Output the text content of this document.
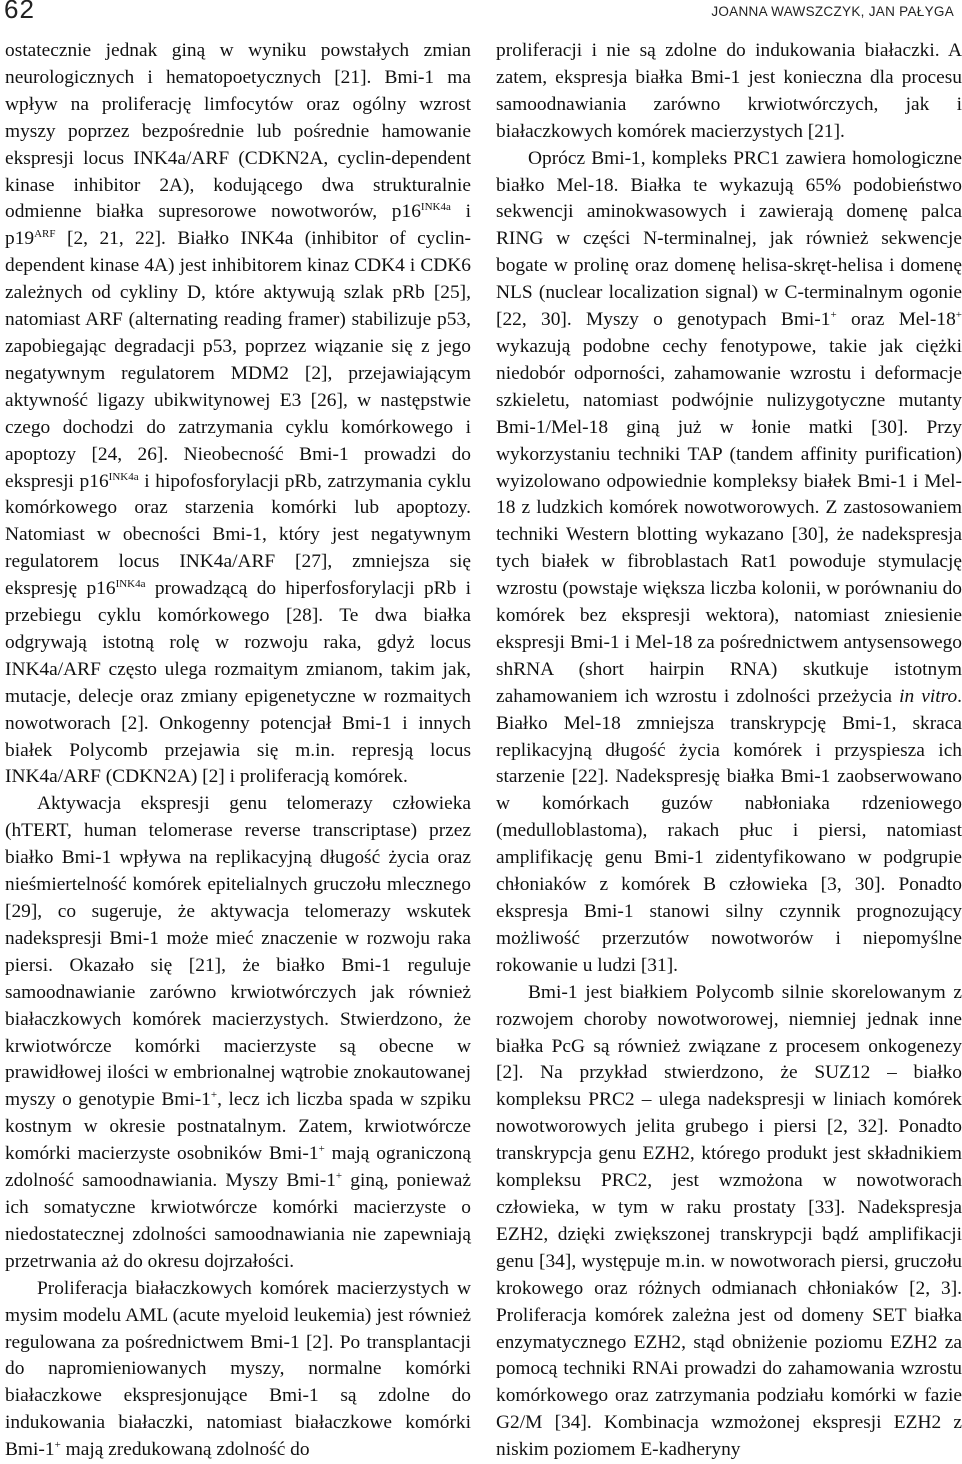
62	JOANNA WAWSZCZYK, JAN PAŁYGA

ostatecznie jednak giną w wyniku powstałych zmian neurologicznych i hematopoetycznych [21]. Bmi-1 ma wpływ na proliferację limfocytów oraz ogólny wzrost myszy poprzez bezpośrednie lub pośrednie hamowanie ekspresji locus INK4a/ARF (CDKN2A, cyclin-dependent kinase inhibitor 2A), kodującego dwa strukturalnie odmienne białka supresorowe nowotworów, $p16^{INK4a}$ i $p19^{ARF}$ [2, 21, 22]. Białko INK4a (inhibitor of cyclin-dependent kinase 4A) jest inhibitorem kinaz CDK4 i CDK6 zależnych od cykliny D, które aktywują szlak pRb [25], natomiast ARF (alternating reading framer) stabilizuje p53, zapobiegając degradacji p53, poprzez wiązanie się z jego negatywnym regulatorem MDM2 [2], przejawiającym aktywność ligazy ubikwitynowej E3 [26], w następstwie czego dochodzi do zatrzymania cyklu komórkowego i apoptozy [24, 26]. Nieobecność Bmi-1 prowadzi do ekspresji $p16^{INK4a}$ i hipofosforylacji pRb, zatrzymania cyklu komórkowego oraz starzenia komórki lub apoptozy. Natomiast w obecności Bmi-1, który jest negatywnym regulatorem locus INK4a/ARF [27], zmniejsza się ekspresję $p16^{INK4a}$ prowadzącą do hiperfosforylacji pRb i przebiegu cyklu komórkowego [28]. Te dwa białka odgrywają istotną rolę w rozwoju raka, gdyż locus INK4a/ARF często ulega rozmaitym zmianom, takim jak, mutacje, delecje oraz zmiany epigenetyczne w rozmaitych nowotworach [2]. Onkogenny potencjał Bmi-1 i innych białek Polycomb przejawia się m.in. represją locus INK4a/ARF (CDKN2A) [2] i proliferacją komórek.

Aktywacja ekspresji genu telomerazy człowieka (hTERT, human telomerase reverse transcriptase) przez białko Bmi-1 wpływa na replikacyjną długość życia oraz nieśmiertelność komórek epitelialnych gruczołu mlecznego [29], co sugeruje, że aktywacja telomerazy wskutek nadekspresji Bmi-1 może mieć znaczenie w rozwoju raka piersi. Okazało się [21], że białko Bmi-1 reguluje samoodnawianie zarówno krwiotwórczych jak również białaczkowych komórek macierzystych. Stwierdzono, że krwiotwórcze komórki macierzyste są obecne w prawidłowej ilości w embrionalnej wątrobie znokautowanej myszy o genotypie Bmi-1+, lecz ich liczba spada w szpiku kostnym w okresie postnatalnym. Zatem, krwiotwórcze komórki macierzyste osobników Bmi-1+ mają ograniczoną zdolność samoodnawiania. Myszy Bmi-1+ giną, ponieważ ich somatyczne krwiotwórcze komórki macierzyste o niedostatecznej zdolności samoodnawiania nie zapewniają przetrwania aż do okresu dojrzałości.

Proliferacja białaczkowych komórek macierzystych w mysim modelu AML (acute myeloid leukemia) jest również regulowana za pośrednictwem Bmi-1 [2]. Po transplantacji do napromieniowanych myszy, normalne komórki białaczkowe ekspresjonujące Bmi-1 są zdolne do indukowania białaczki, natomiast białaczkowe komórki Bmi-1+ mają zredukowaną zdolność do

proliferacji i nie są zdolne do indukowania białaczki. A zatem, ekspresja białka Bmi-1 jest konieczna dla procesu samoodnawiania zarówno krwiotwórczych, jak i białaczkowych komórek macierzystych [21].

Oprócz Bmi-1, kompleks PRC1 zawiera homologiczne białko Mel-18. Białka te wykazują 65% podobieństwo sekwencji aminokwasowych i zawierają domenę palca RING w części N-terminalnej, jak również sekwencje bogate w prolinę oraz domenę helisa-skręt-helisa i domenę NLS (nuclear localization signal) w C-terminalnym ogonie [22, 30]. Myszy o genotypach Bmi-1+ oraz Mel-18+ wykazują podobne cechy fenotypowe, takie jak ciężki niedobór odporności, zahamowanie wzrostu i deformacje szkieletu, natomiast podwójnie nulizygotyczne mutanty Bmi-1/Mel-18 giną już w łonie matki [30]. Przy wykorzystaniu techniki TAP (tandem affinity purification) wyizolowano odpowiednie kompleksy białek Bmi-1 i Mel-18 z ludzkich komórek nowotworowych. Z zastosowaniem techniki Western blotting wykazano [30], że nadekspresja tych białek w fibroblastach Rat1 powoduje stymulację wzrostu (powstaje większa liczba kolonii, w porównaniu do komórek bez ekspresji wektora), natomiast zniesienie ekspresji Bmi-1 i Mel-18 za pośrednictwem antysensowego shRNA (short hairpin RNA) skutkuje istotnym zahamowaniem ich wzrostu i zdolności przeżycia in vitro. Białko Mel-18 zmniejsza transkrypcję Bmi-1, skraca replikacyjną długość życia komórek i przyspiesza ich starzenie [22]. Nadekspresję białka Bmi-1 zaobserwowano w komórkach guzów nabłoniaka rdzeniowego (medulloblastoma), rakach płuc i piersi, natomiast amplifikację genu Bmi-1 zidentyfikowano w podgrupie chłoniaków z komórek B człowieka [3, 30]. Ponadto ekspresja Bmi-1 stanowi silny czynnik prognozujący możliwość przerzutów nowotworów i niepomyślne rokowanie u ludzi [31].

Bmi-1 jest białkiem Polycomb silnie skorelowanym z rozwojem choroby nowotworowej, niemniej jednak inne białka PcG są również związane z procesem onkogenezy [2]. Na przykład stwierdzono, że SUZ12 – białko kompleksu PRC2 – ulega nadekspresji w liniach komórek nowotworowych jelita grubego i piersi [2, 32]. Ponadto transkrypcja genu EZH2, którego produkt jest składnikiem kompleksu PRC2, jest wzmożona w nowotworach człowieka, w tym w raku prostaty [33]. Nadekspresja EZH2, dzięki zwiększonej transkrypcji bądź amplifikacji genu [34], występuje m.in. w nowotworach piersi, gruczołu krokowego oraz różnych odmianach chłoniaków [2, 3]. Proliferacja komórek zależna jest od domeny SET białka enzymatycznego EZH2, stąd obniżenie poziomu EZH2 za pomocą techniki RNAi prowadzi do zahamowania wzrostu komórkowego oraz zatrzymania podziału komórki w fazie G2/M [34]. Kombinacja wzmożonej ekspresji EZH2 z niskim poziomem E-kadheryny
